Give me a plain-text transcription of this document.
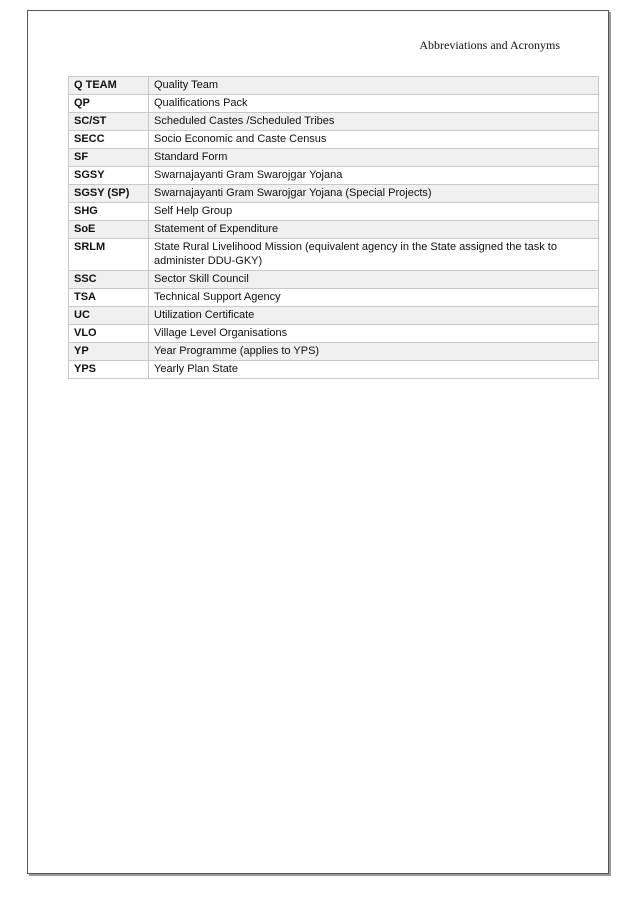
Abbreviations and Acronyms
Q TEAM	Quality Team
QP	Qualifications Pack
SC/ST	Scheduled Castes /Scheduled Tribes
SECC	Socio Economic and Caste Census
SF	Standard Form
SGSY	Swarnajayanti Gram Swarojgar Yojana
SGSY (SP)	Swarnajayanti Gram Swarojgar Yojana (Special Projects)
SHG	Self Help Group
SoE	Statement of Expenditure
SRLM	State Rural Livelihood Mission (equivalent agency in the State assigned the task to administer DDU-GKY)
SSC	Sector Skill Council
TSA	Technical Support Agency
UC	Utilization Certificate
VLO	Village Level Organisations
YP	Year Programme (applies to YPS)
YPS	Yearly Plan State
